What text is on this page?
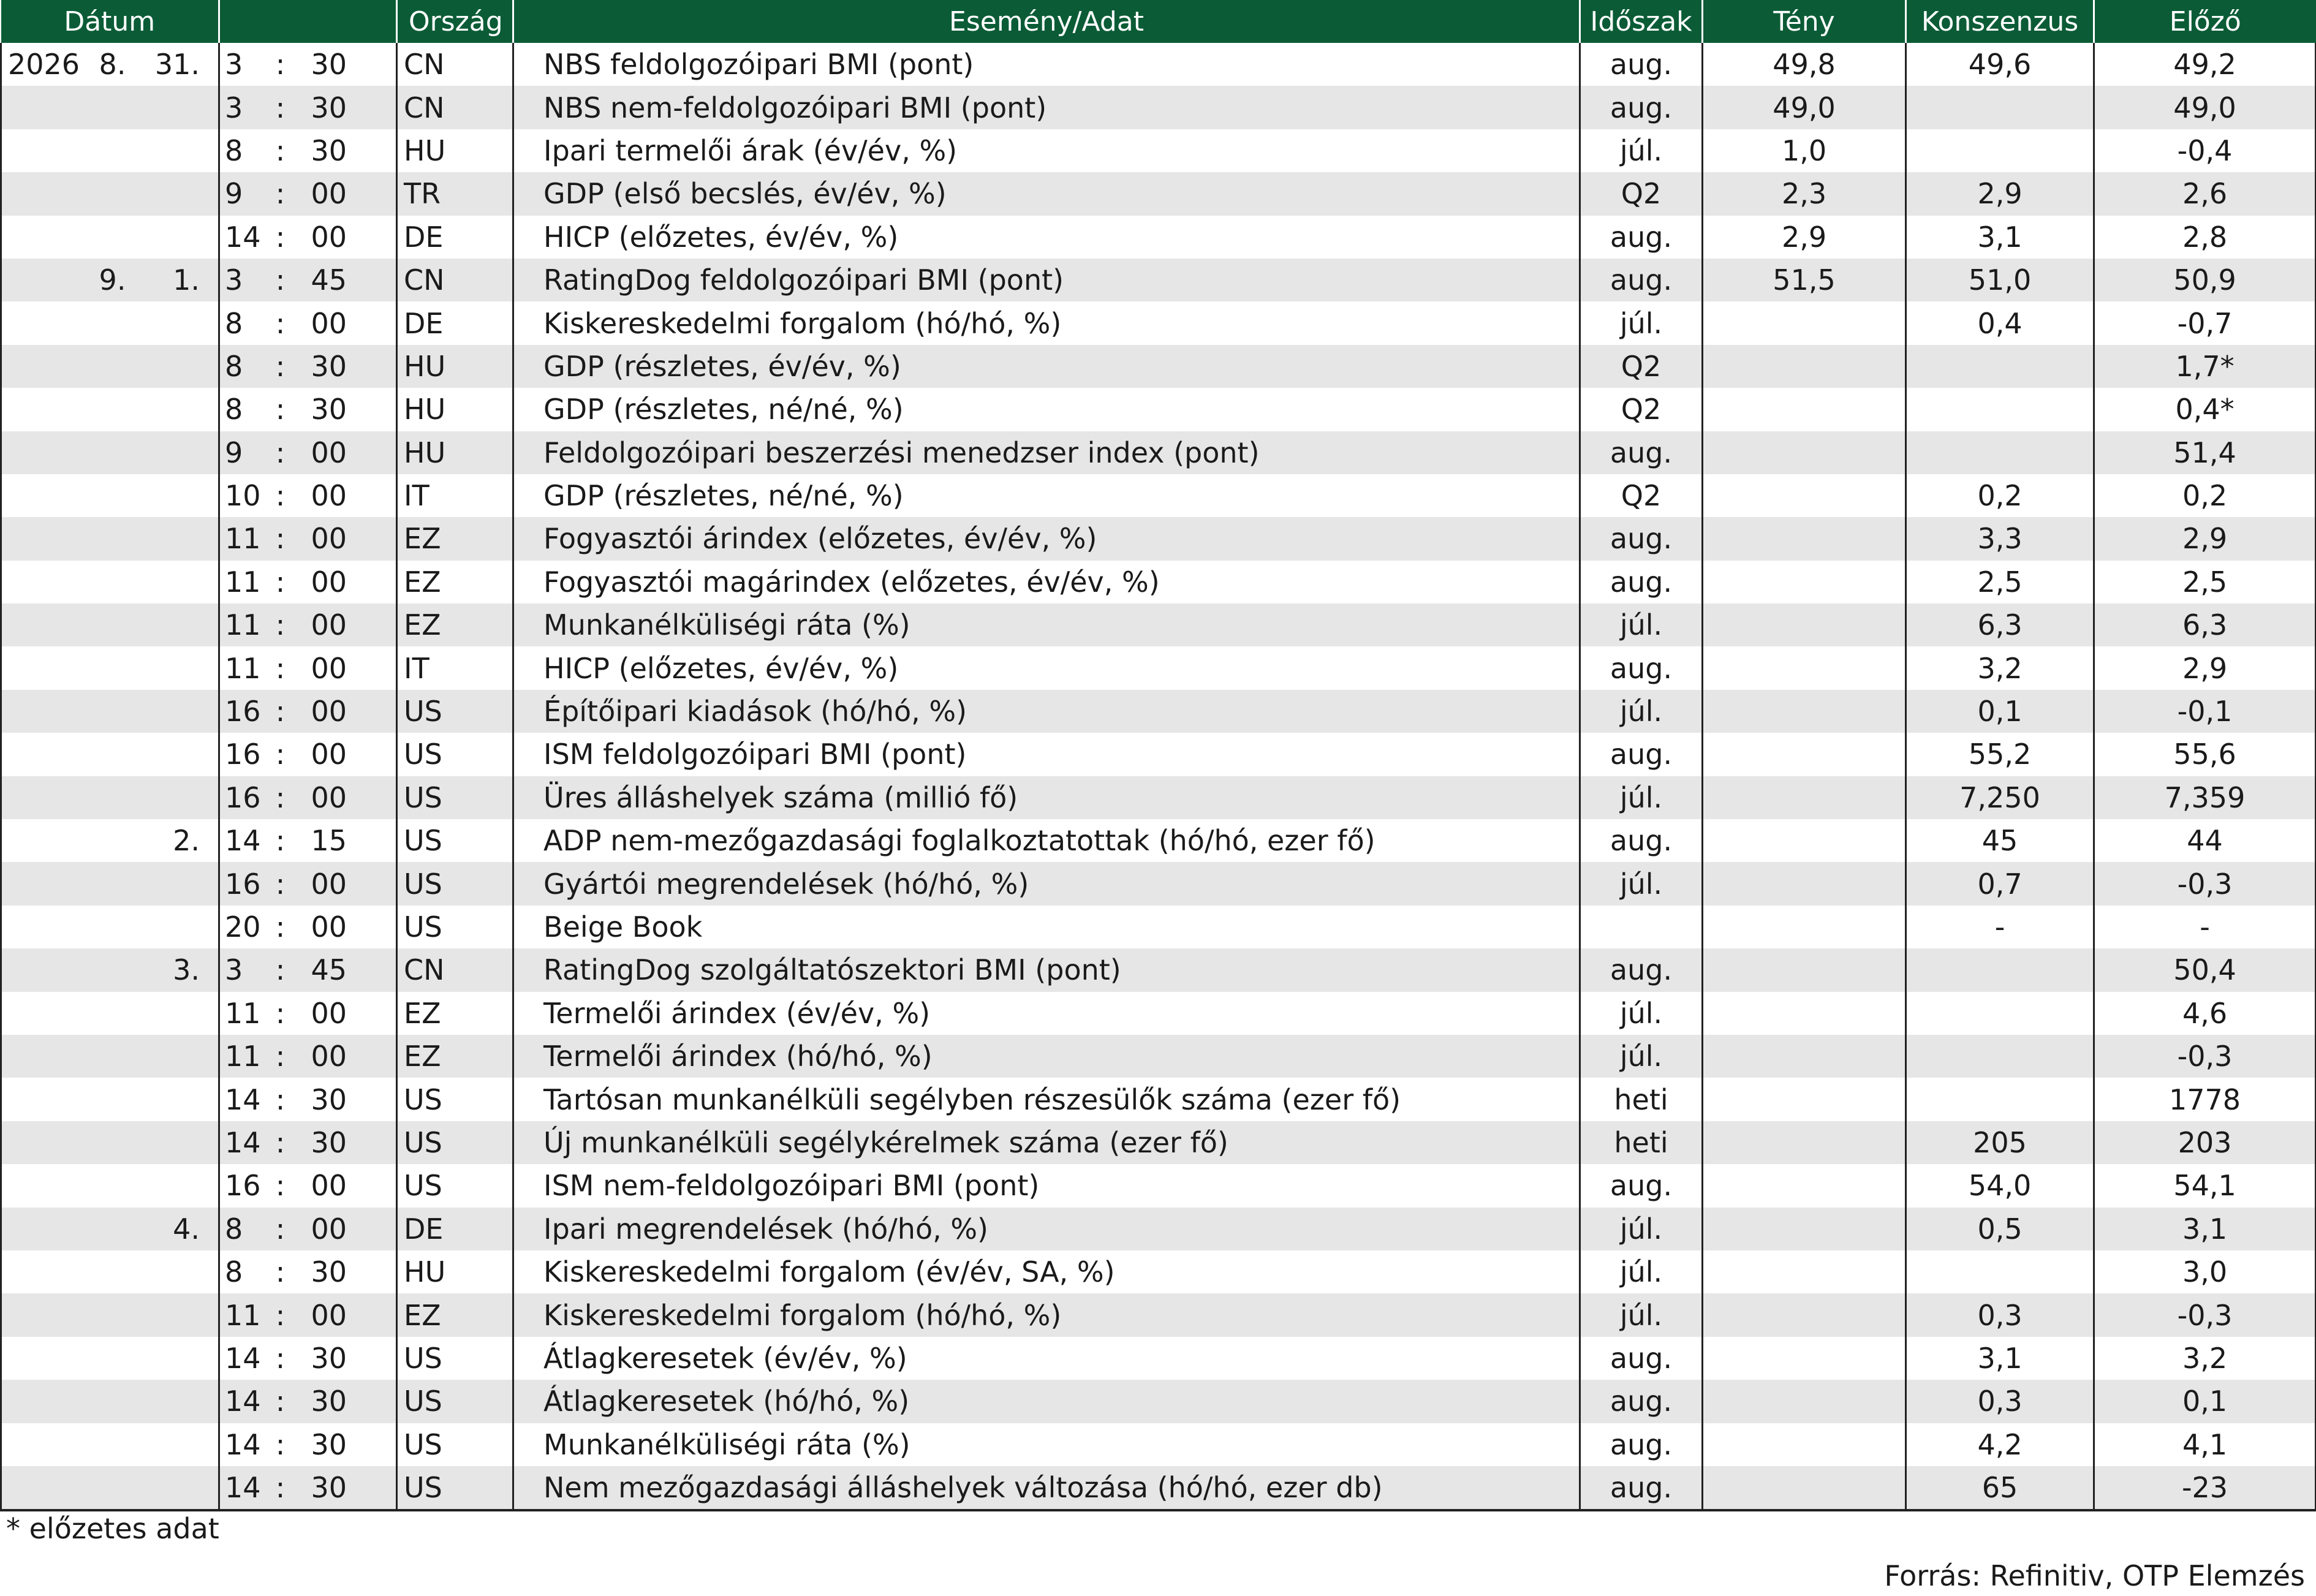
Dátum						Ország	Esemény/Adat	Időszak	Tény	Konszenzus	Előző
2026	8.	31.	3	:	30	CN	NBS feldolgozóipari BMI (pont)	aug.	49,8	49,6	49,2
			3	:	30	CN	NBS nem-feldolgozóipari BMI (pont)	aug.	49,0		49,0
			8	:	30	HU	Ipari termelői árak (év/év, %)	júl.	1,0		-0,4
			9	:	00	TR	GDP (első becslés, év/év, %)	Q2	2,3	2,9	2,6
			14	:	00	DE	HICP (előzetes, év/év, %)	aug.	2,9	3,1	2,8
	9.	1.	3	:	45	CN	RatingDog feldolgozóipari BMI (pont)	aug.	51,5	51,0	50,9
			8	:	00	DE	Kiskereskedelmi forgalom (hó/hó, %)	júl.		0,4	-0,7
			8	:	30	HU	GDP (részletes, év/év, %)	Q2			1,7*
			8	:	30	HU	GDP (részletes, né/né, %)	Q2			0,4*
			9	:	00	HU	Feldolgozóipari beszerzési menedzser index (pont)	aug.			51,4
			10	:	00	IT	GDP (részletes, né/né, %)	Q2		0,2	0,2
			11	:	00	EZ	Fogyasztói árindex (előzetes, év/év, %)	aug.		3,3	2,9
			11	:	00	EZ	Fogyasztói magárindex (előzetes, év/év, %)	aug.		2,5	2,5
			11	:	00	EZ	Munkanélküliségi ráta (%)	júl.		6,3	6,3
			11	:	00	IT	HICP (előzetes, év/év, %)	aug.		3,2	2,9
			16	:	00	US	Építőipari kiadások (hó/hó, %)	júl.		0,1	-0,1
			16	:	00	US	ISM feldolgozóipari BMI (pont)	aug.		55,2	55,6
			16	:	00	US	Üres álláshelyek száma (millió fő)	júl.		7,250	7,359
		2.	14	:	15	US	ADP nem-mezőgazdasági foglalkoztatottak (hó/hó, ezer fő)	aug.		45	44
			16	:	00	US	Gyártói megrendelések (hó/hó, %)	júl.		0,7	-0,3
			20	:	00	US	Beige Book			-	-
		3.	3	:	45	CN	RatingDog szolgáltatószektori BMI (pont)	aug.			50,4
			11	:	00	EZ	Termelői árindex (év/év, %)	júl.			4,6
			11	:	00	EZ	Termelői árindex (hó/hó, %)	júl.			-0,3
			14	:	30	US	Tartósan munkanélküli segélyben részesülők száma (ezer fő)	heti			1778
			14	:	30	US	Új munkanélküli segélykérelmek száma (ezer fő)	heti		205	203
			16	:	00	US	ISM nem-feldolgozóipari BMI (pont)	aug.		54,0	54,1
		4.	8	:	00	DE	Ipari megrendelések (hó/hó, %)	júl.		0,5	3,1
			8	:	30	HU	Kiskereskedelmi forgalom (év/év, SA, %)	júl.			3,0
			11	:	00	EZ	Kiskereskedelmi forgalom (hó/hó, %)	júl.		0,3	-0,3
			14	:	30	US	Átlagkeresetek (év/év, %)	aug.		3,1	3,2
			14	:	30	US	Átlagkeresetek (hó/hó, %)	aug.		0,3	0,1
			14	:	30	US	Munkanélküliségi ráta (%)	aug.		4,2	4,1
			14	:	30	US	Nem mezőgazdasági álláshelyek változása (hó/hó, ezer db)	aug.		65	-23
* előzetes adat
Forrás: Refinitiv, OTP Elemzés
